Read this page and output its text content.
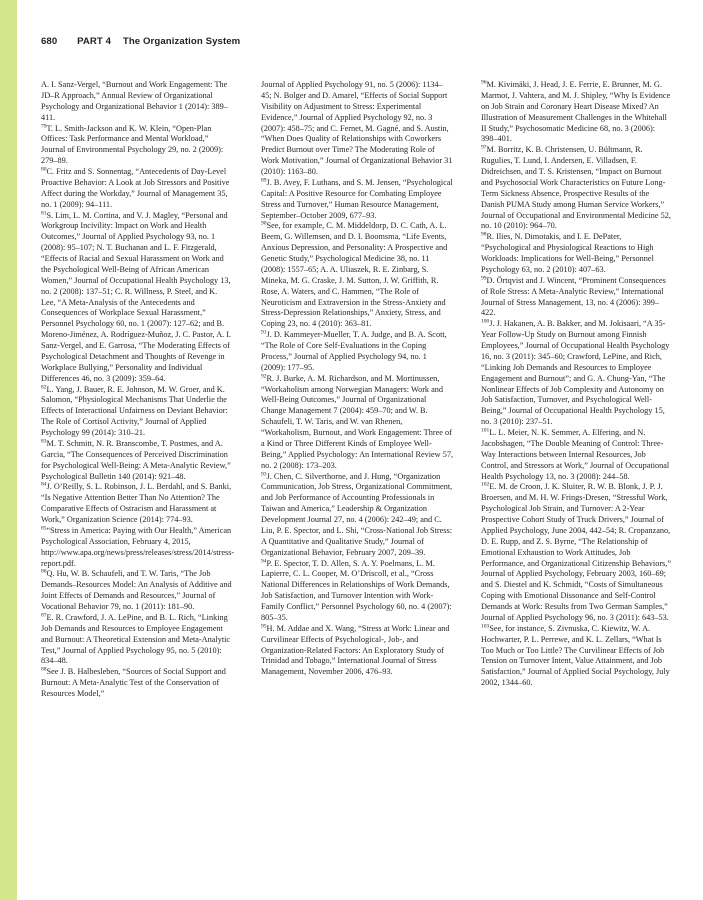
680 PART 4 The Organization System

A. I. Sanz-Vergel, “Burnout and Work Engagement: The JD–R Approach,” Annual Review of Organizational Psychology and Organizational Behavior 1 (2014): 389–411.

$^{79}$T. L. Smith-Jackson and K. W. Klein, “Open-Plan Offices: Task Performance and Mental Workload,” Journal of Environmental Psychology 29, no. 2 (2009): 279–89.

$^{80}$C. Fritz and S. Sonnentag, “Antecedents of Day-Level Proactive Behavior: A Look at Job Stressors and Positive Affect during the Workday,” Journal of Management 35, no. 1 (2009): 94–111.

$^{81}$S. Lim, L. M. Cortina, and V. J. Magley, “Personal and Workgroup Incivility: Impact on Work and Health Outcomes,” Journal of Applied Psychology 93, no. 1 (2008): 95–107; N. T. Buchanan and L. F. Fitzgerald, “Effects of Racial and Sexual Harassment on Work and the Psychological Well-Being of African American Women,” Journal of Occupational Health Psychology 13, no. 2 (2008): 137–51; C. R. Willness, P. Steel, and K. Lee, “A Meta-Analysis of the Antecedents and Consequences of Workplace Sexual Harassment,” Personnel Psychology 60, no. 1 (2007): 127–62; and B. Moreno-Jiménez, A. Rodríguez-Muñoz, J. C. Pastor, A. I. Sanz-Vergel, and E. Garrosa, “The Moderating Effects of Psychological Detachment and Thoughts of Revenge in Workplace Bullying,” Personality and Individual Differences 46, no. 3 (2009): 359–64.

$^{82}$L. Yang, J. Bauer, R. E. Johnson, M. W. Groer, and K. Salomon, “Physiological Mechanisms That Underlie the Effects of Interactional Unfairness on Deviant Behavior: The Role of Cortisol Activity,” Journal of Applied Psychology 99 (2014): 310–21.

$^{83}$M. T. Schmitt, N. R. Branscombe, T. Postmes, and A. Garcia, “The Consequences of Perceived Discrimination for Psychological Well-Being: A Meta-Analytic Review,” Psychological Bulletin 140 (2014): 921–48.

$^{84}$J. O’Reilly, S. L. Robinson, J. L. Berdahl, and S. Banki, “Is Negative Attention Better Than No Attention? The Comparative Effects of Ostracism and Harassment at Work,” Organization Science (2014): 774–93.

$^{85}$“Stress in America: Paying with Our Health,” American Psychological Association, February 4, 2015, http://www.apa.org/news/press/releases/stress/2014/stress-report.pdf.

$^{86}$Q. Hu, W. B. Schaufeli, and T. W. Taris, “The Job Demands–Resources Model: An Analysis of Additive and Joint Effects of Demands and Resources,” Journal of Vocational Behavior 79, no. 1 (2011): 181–90.

$^{87}$E. R. Crawford, J. A. LePine, and B. L. Rich, “Linking Job Demands and Resources to Employee Engagement and Burnout: A Theoretical Extension and Meta-Analytic Test,” Journal of Applied Psychology 95, no. 5 (2010): 834–48.

$^{88}$See J. B. Halbesleben, “Sources of Social Support and Burnout: A Meta-Analytic Test of the Conservation of Resources Model,”

Journal of Applied Psychology 91, no. 5 (2006): 1134–45; N. Bolger and D. Amarel, “Effects of Social Support Visibility on Adjustment to Stress: Experimental Evidence,” Journal of Applied Psychology 92, no. 3 (2007): 458–75; and C. Fernet, M. Gagné, and S. Austin, “When Does Quality of Relationships with Coworkers Predict Burnout over Time? The Moderating Role of Work Motivation,” Journal of Organizational Behavior 31 (2010): 1163–80.

$^{89}$J. B. Avey, F. Luthans, and S. M. Jensen, “Psychological Capital: A Positive Resource for Combating Employee Stress and Turnover,” Human Resource Management, September–October 2009, 677–93.

$^{90}$See, for example, C. M. Middeldorp, D. C. Cath, A. L. Beem, G. Willemsen, and D. I. Boomsma, “Life Events, Anxious Depression, and Personality: A Prospective and Genetic Study,” Psychological Medicine 38, no. 11 (2008): 1557–65; A. A. Uliaszek, R. E. Zinbarg, S. Mineka, M. G. Craske, J. M. Sutton, J. W. Griffith, R. Rose, A. Waters, and C. Hammen, “The Role of Neuroticism and Extraversion in the Stress-Anxiety and Stress-Depression Relationships,” Anxiety, Stress, and Coping 23, no. 4 (2010): 363–81.

$^{91}$J. D. Kammeyer-Mueller, T. A. Judge, and B. A. Scott, “The Role of Core Self-Evaluations in the Coping Process,” Journal of Applied Psychology 94, no. 1 (2009): 177–95.

$^{92}$R. J. Burke, A. M. Richardson, and M. Mortinussen, “Workaholism among Norwegian Managers: Work and Well-Being Outcomes,” Journal of Organizational Change Management 7 (2004): 459–70; and W. B. Schaufeli, T. W. Taris, and W. van Rhenen, “Workaholism, Burnout, and Work Engagement: Three of a Kind or Three Different Kinds of Employee Well-Being,” Applied Psychology: An International Review 57, no. 2 (2008): 173–203.

$^{93}$J. Chen, C. Silverthorne, and J. Hung, “Organization Communication, Job Stress, Organizational Commitment, and Job Performance of Accounting Professionals in Taiwan and America,” Leadership & Organization Development Journal 27, no. 4 (2006): 242–49; and C. Liu, P. E. Spector, and L. Shi, “Cross-National Job Stress: A Quantitative and Qualitative Study,” Journal of Organizational Behavior, February 2007, 209–39.

$^{94}$P. E. Spector, T. D. Allen, S. A. Y. Poelmans, L. M. Lapierre, C. L. Cooper, M. O’Driscoll, et al., “Cross National Differences in Relationships of Work Demands, Job Satisfaction, and Turnover Intention with Work-Family Conflict,” Personnel Psychology 60, no. 4 (2007): 805–35.

$^{95}$H. M. Addae and X. Wang, “Stress at Work: Linear and Curvilinear Effects of Psychological-, Job-, and Organization-Related Factors: An Exploratory Study of Trinidad and Tobago,” International Journal of Stress Management, November 2006, 476–93.

$^{96}$M. Kivimäki, J. Head, J. E. Ferrie, E. Brunner, M. G. Marmot, J. Vahtera, and M. J. Shipley, “Why Is Evidence on Job Strain and Coronary Heart Disease Mixed? An Illustration of Measurement Challenges in the Whitehall II Study,” Psychosomatic Medicine 68, no. 3 (2006): 398–401.

$^{97}$M. Borritz, K. B. Christensen, U. Bültmann, R. Rugulies, T. Lund, I. Andersen, E. Villadsen, F. Didreichsen, and T. S. Kristensen, “Impact on Burnout and Psychosocial Work Characteristics on Future Long-Term Sickness Absence, Prospective Results of the Danish PUMA Study among Human Service Workers,” Journal of Occupational and Environmental Medicine 52, no. 10 (2010): 964–70.

$^{98}$R. Ilies, N. Dimotakis, and I. E. DePater, “Psychological and Physiological Reactions to High Workloads: Implications for Well-Being,” Personnel Psychology 63, no. 2 (2010): 407–63.

$^{99}$D. Örtqvist and J. Wincent, “Prominent Consequences of Role Stress: A Meta-Analytic Review,” International Journal of Stress Management, 13, no. 4 (2006): 399–422.

$^{100}$J. J. Hakanen, A. B. Bakker, and M. Jokisaari, “A 35-Year Follow-Up Study on Burnout among Finnish Employees,” Journal of Occupational Health Psychology 16, no. 3 (2011): 345–60; Crawford, LePine, and Rich, “Linking Job Demands and Resources to Employee Engagement and Burnout”; and G. A. Chung-Yan, “The Nonlinear Effects of Job Complexity and Autonomy on Job Satisfaction, Turnover, and Psychological Well-Being,” Journal of Occupational Health Psychology 15, no. 3 (2010): 237–51.

$^{101}$L. L. Meier, N. K. Semmer, A. Elfering, and N. Jacobshagen, “The Double Meaning of Control: Three-Way Interactions between Internal Resources, Job Control, and Stressors at Work,” Journal of Occupational Health Psychology 13, no. 3 (2008): 244–58.

$^{102}$E. M. de Croon, J. K. Sluiter, R. W. B. Blonk, J. P. J. Broersen, and M. H. W. Frings-Dresen, “Stressful Work, Psychological Job Strain, and Turnover: A 2-Year Prospective Cohort Study of Truck Drivers,” Journal of Applied Psychology, June 2004, 442–54; R. Cropanzano, D. E. Rupp, and Z. S. Byrne, “The Relationship of Emotional Exhaustion to Work Attitudes, Job Performance, and Organizational Citizenship Behaviors,” Journal of Applied Psychology, February 2003, 160–69; and S. Diestel and K. Schmidt, “Costs of Simultaneous Coping with Emotional Dissonance and Self-Control Demands at Work: Results from Two German Samples,” Journal of Applied Psychology 96, no. 3 (2011): 643–53.

$^{103}$See, for instance, S. Zivnuska, C. Kiewitz, W. A. Hochwarter, P. L. Perrewe, and K. L. Zellars, “What Is Too Much or Too Little? The Curvilinear Effects of Job Tension on Turnover Intent, Value Attainment, and Job Satisfaction,” Journal of Applied Social Psychology, July 2002, 1344–60.
